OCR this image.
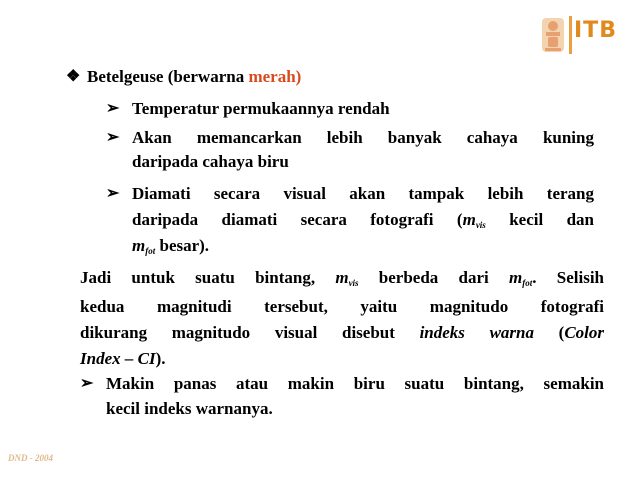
ITB
❖ Betelgeuse (berwarna merah)
➢ Temperatur permukaannya rendah
➢ Akan memancarkan lebih banyak cahaya kuning
daripada cahaya biru
➢ Diamati secara visual akan tampak lebih terang
daripada diamati secara fotografi ($m_{vis}$ kecil dan
$m_{fot}$ besar).
Jadi untuk suatu bintang, $m_{vis}$ berbeda dari $m_{fot}$. Selisih
kedua magnitudi tersebut, yaitu magnitudo fotografi
dikurang magnitudo visual disebut indeks warna (Color
Index – CI).
➢ Makin panas atau makin biru suatu bintang, semakin
kecil indeks warnanya.
DND - 2004
